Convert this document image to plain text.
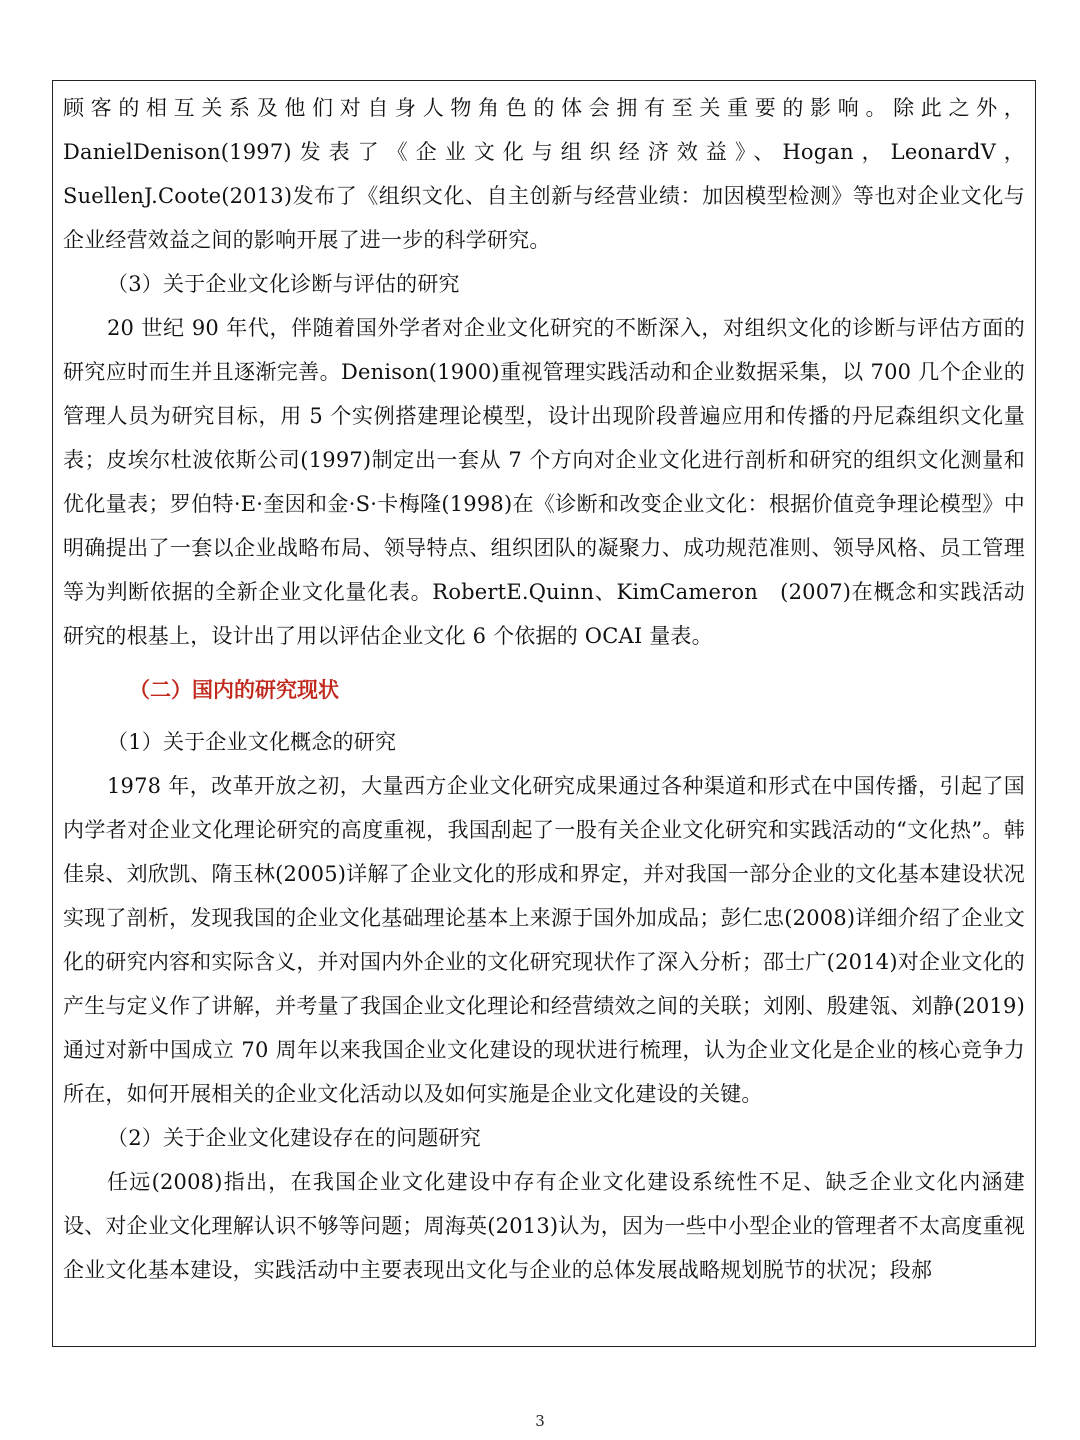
顾客的相互关系及他们对自身人物角色的体会拥有至关重要的影响。除此之外，DanielDenison(1997)发表了《企业文化与组织经济效益》、Hogan，LeonardV，SuellenJ.Coote(2013)发布了《组织文化、自主创新与经营业绩：加因模型检测》等也对企业文化与企业经营效益之间的影响开展了进一步的科学研究。

（3）关于企业文化诊断与评估的研究

20 世纪 90 年代，伴随着国外学者对企业文化研究的不断深入，对组织文化的诊断与评估方面的研究应时而生并且逐渐完善。Denison(1900)重视管理实践活动和企业数据采集，以 700 几个企业的管理人员为研究目标，用 5 个实例搭建理论模型，设计出现阶段普遍应用和传播的丹尼森组织文化量表；皮埃尔杜波依斯公司(1997)制定出一套从 7 个方向对企业文化进行剖析和研究的组织文化测量和优化量表；罗伯特·E·奎因和金·S·卡梅隆(1998)在《诊断和改变企业文化：根据价值竞争理论模型》中明确提出了一套以企业战略布局、领导特点、组织团队的凝聚力、成功规范准则、领导风格、员工管理等为判断依据的全新企业文化量化表。RobertE.Quinn、KimCameron　(2007)在概念和实践活动研究的根基上，设计出了用以评估企业文化 6 个依据的 OCAI 量表。

（二）国内的研究现状

（1）关于企业文化概念的研究

1978 年，改革开放之初，大量西方企业文化研究成果通过各种渠道和形式在中国传播，引起了国内学者对企业文化理论研究的高度重视，我国刮起了一股有关企业文化研究和实践活动的“文化热”。韩佳泉、刘欣凯、隋玉林(2005)详解了企业文化的形成和界定，并对我国一部分企业的文化基本建设状况实现了剖析，发现我国的企业文化基础理论基本上来源于国外加成品；彭仁忠(2008)详细介绍了企业文化的研究内容和实际含义，并对国内外企业的文化研究现状作了深入分析；邵士广(2014)对企业文化的产生与定义作了讲解，并考量了我国企业文化理论和经营绩效之间的关联；刘刚、殷建瓴、刘静(2019)通过对新中国成立 70 周年以来我国企业文化建设的现状进行梳理，认为企业文化是企业的核心竞争力所在，如何开展相关的企业文化活动以及如何实施是企业文化建设的关键。

（2）关于企业文化建设存在的问题研究

任远(2008)指出，在我国企业文化建设中存有企业文化建设系统性不足、缺乏企业文化内涵建设、对企业文化理解认识不够等问题；周海英(2013)认为，因为一些中小型企业的管理者不太高度重视企业文化基本建设，实践活动中主要表现出文化与企业的总体发展战略规划脱节的状况；段郝

3
